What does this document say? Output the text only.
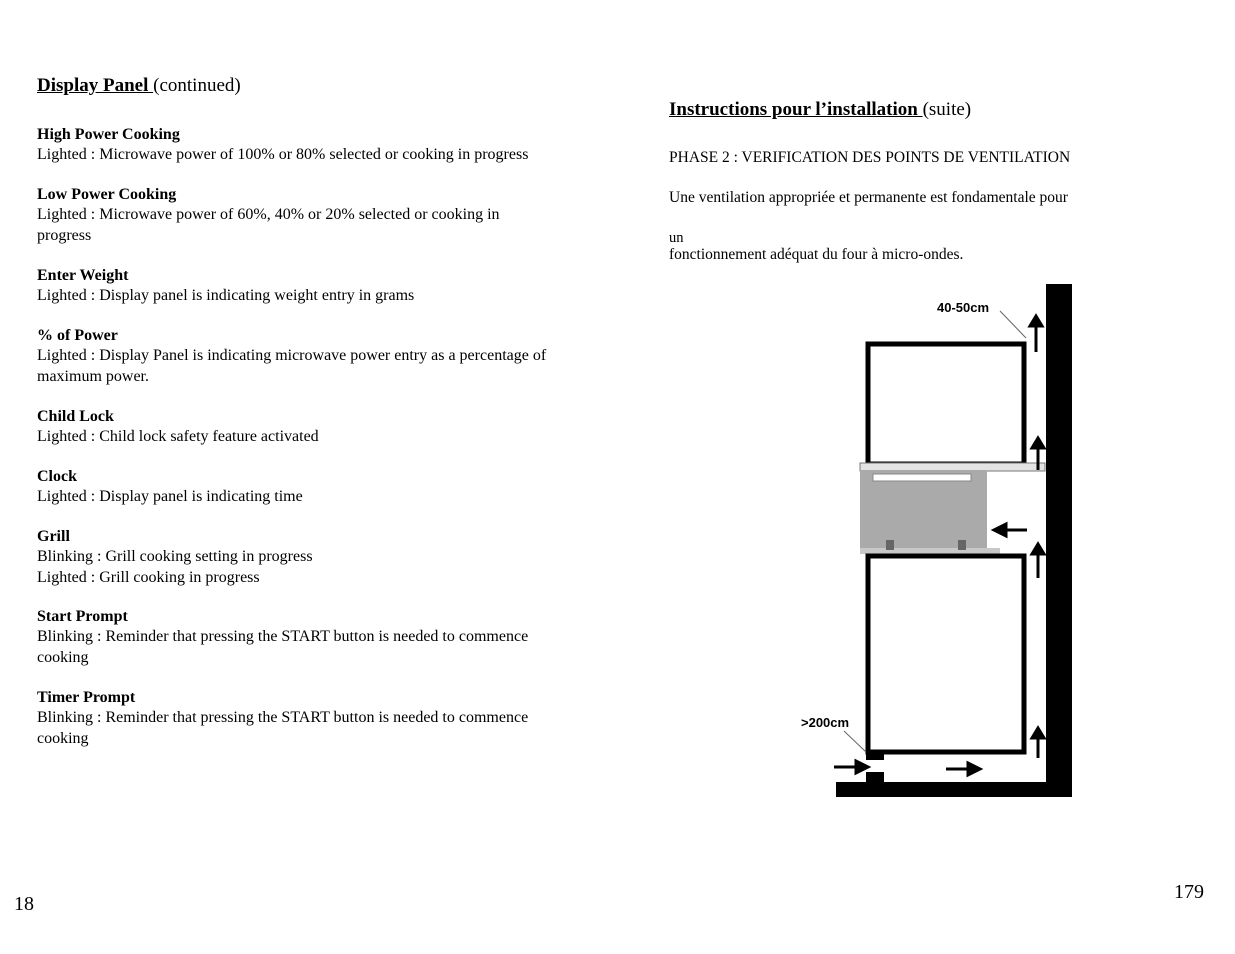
Display Panel (continued)
High Power Cooking
Lighted : Microwave power of 100% or 80% selected or cooking in progress
Low Power Cooking
Lighted : Microwave power of 60%, 40% or 20% selected or cooking in
progress
Enter Weight
Lighted : Display panel is indicating weight entry in grams
% of Power
Lighted : Display Panel is indicating microwave power entry as a percentage of
maximum power.
Child Lock
Lighted : Child lock safety feature activated
Clock
Lighted : Display panel is indicating time
Grill
Blinking : Grill cooking setting in progress
Lighted : Grill cooking in progress
Start Prompt
Blinking : Reminder that pressing the START button is needed to commence
cooking
Timer Prompt
Blinking : Reminder that pressing the START button is needed to commence
cooking
18
Instructions pour l’installation (suite)
PHASE 2 : VERIFICATION DES POINTS DE VENTILATION
Une ventilation appropriée et permanente est fondamentale pour
un
fonctionnement adéquat du four à micro-ondes.
40-50cm
>200cm
179
